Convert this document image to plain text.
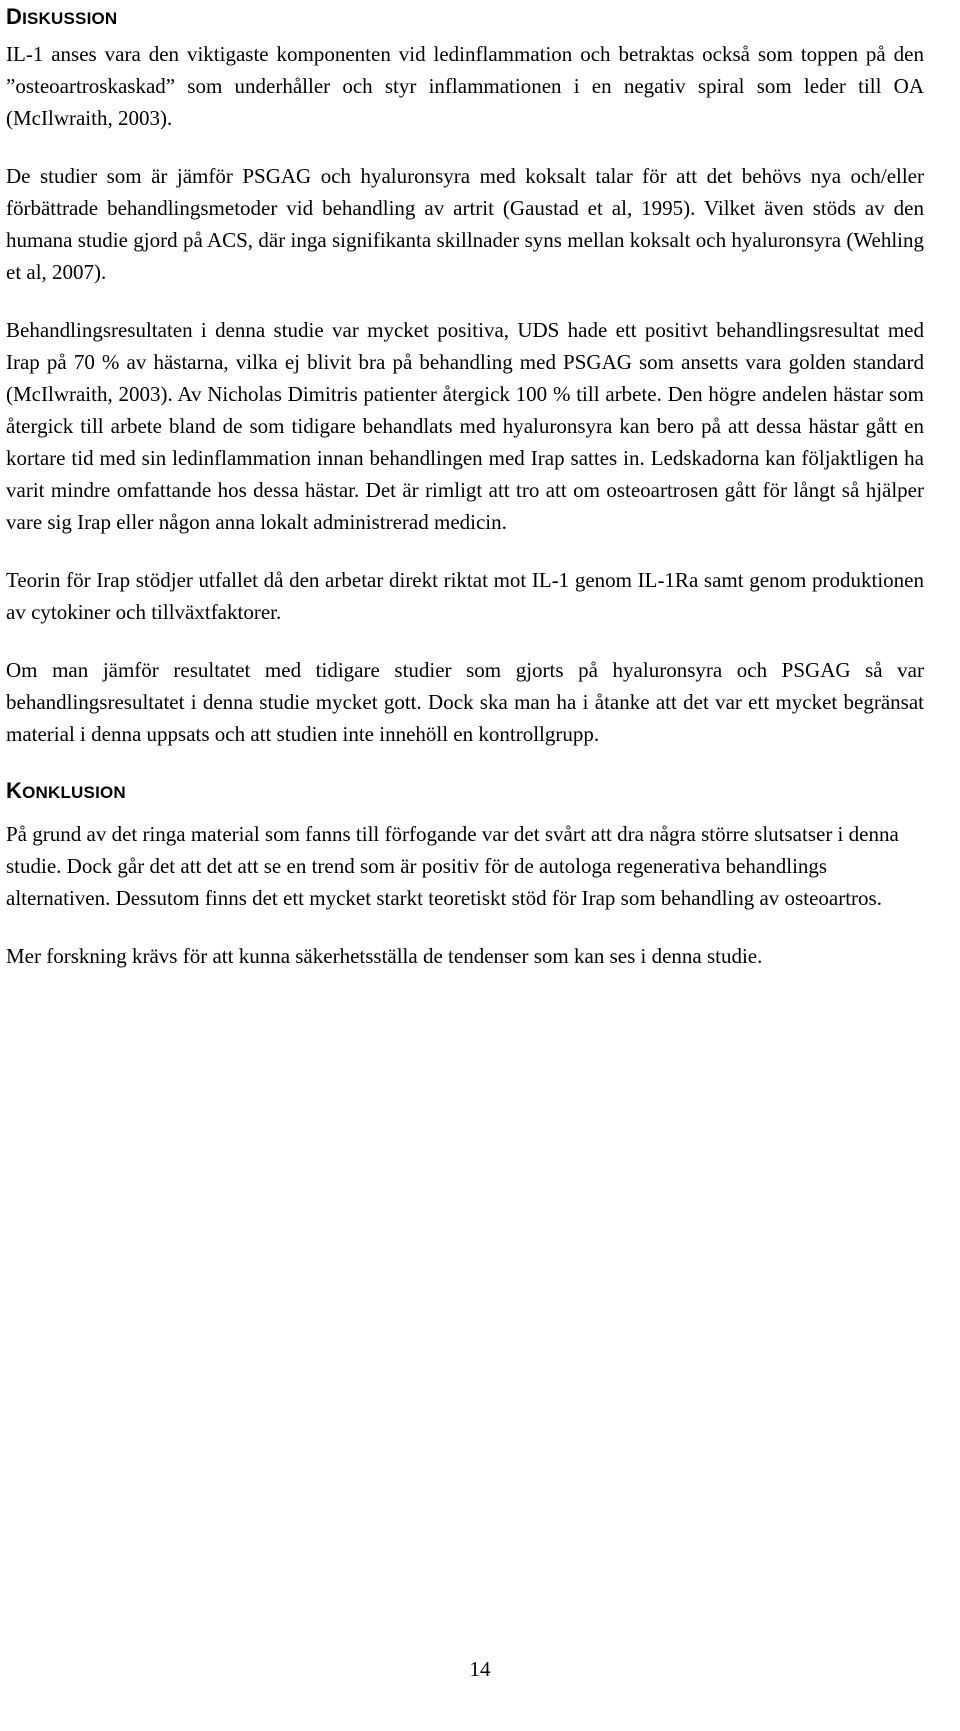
DISKUSSION

IL-1 anses vara den viktigaste komponenten vid ledinflammation och betraktas också som toppen på den ”osteoartroskaskad” som underhåller och styr inflammationen i en negativ spiral som leder till OA (McIlwraith, 2003).

De studier som är jämför PSGAG och hyaluronsyra med koksalt talar för att det behövs nya och/eller förbättrade behandlingsmetoder vid behandling av artrit (Gaustad et al, 1995). Vilket även stöds av den humana studie gjord på ACS, där inga signifikanta skillnader syns mellan koksalt och hyaluronsyra (Wehling et al, 2007).

Behandlingsresultaten i denna studie var mycket positiva, UDS hade ett positivt behandlingsresultat med Irap på 70 % av hästarna, vilka ej blivit bra på behandling med PSGAG som ansetts vara golden standard (McIlwraith, 2003). Av Nicholas Dimitris patienter återgick 100 % till arbete. Den högre andelen hästar som återgick till arbete bland de som tidigare behandlats med hyaluronsyra kan bero på att dessa hästar gått en kortare tid med sin ledinflammation innan behandlingen med Irap sattes in. Ledskadorna kan följaktligen ha varit mindre omfattande hos dessa hästar. Det är rimligt att tro att om osteoartrosen gått för långt så hjälper vare sig Irap eller någon anna lokalt administrerad medicin.

Teorin för Irap stödjer utfallet då den arbetar direkt riktat mot IL-1 genom IL-1Ra samt genom produktionen av cytokiner och tillväxtfaktorer.

Om man jämför resultatet med tidigare studier som gjorts på hyaluronsyra och PSGAG så var behandlingsresultatet i denna studie mycket gott. Dock ska man ha i åtanke att det var ett mycket begränsat material i denna uppsats och att studien inte innehöll en kontrollgrupp.

KONKLUSION

På grund av det ringa material som fanns till förfogande var det svårt att dra några större slutsatser i denna studie. Dock går det att det att se en trend som är positiv för de autologa regenerativa behandlings alternativen. Dessutom finns det ett mycket starkt teoretiskt stöd för Irap som behandling av osteoartros.

Mer forskning krävs för att kunna säkerhetsställa de tendenser som kan ses i denna studie.

14
